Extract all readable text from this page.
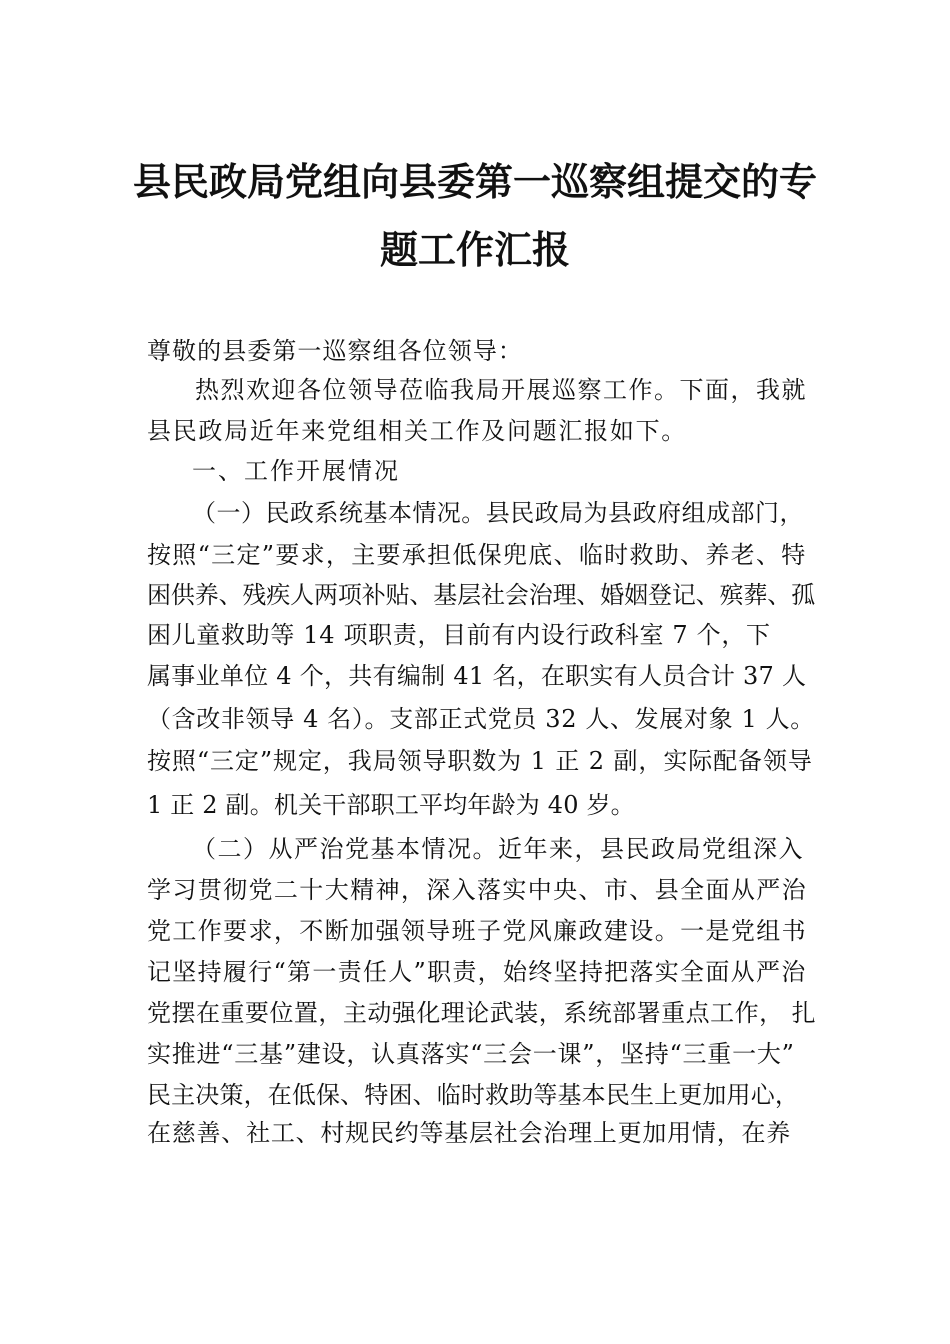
县民政局党组向县委第一巡察组提交的专
题工作汇报
尊敬的县委第一巡察组各位领导：
热烈欢迎各位领导莅临我局开展巡察工作。下面，我就
县民政局近年来党组相关工作及问题汇报如下。
一、工作开展情况
（一）民政系统基本情况。县民政局为县政府组成部门，
按照“三定”要求，主要承担低保兜底、临时救助、养老、特
困供养、残疾人两项补贴、基层社会治理、婚姻登记、殡葬、孤
困儿童救助等 14 项职责，目前有内设行政科室 7 个，下
属事业单位 4 个，共有编制 41 名，在职实有人员合计 37 人
（含改非领导 4 名）。支部正式党员 32 人、发展对象 1 人。
按照“三定”规定，我局领导职数为 1 正 2 副，实际配备领导
1 正 2 副。机关干部职工平均年龄为 40 岁。
（二）从严治党基本情况。近年来，县民政局党组深入
学习贯彻党二十大精神，深入落实中央、市、县全面从严治
党工作要求，不断加强领导班子党风廉政建设。一是党组书
记坚持履行“第一责任人”职责，始终坚持把落实全面从严治
党摆在重要位置，主动强化理论武装，系统部署重点工作， 扎
实推进“三基”建设，认真落实“三会一课”，坚持“三重一大”
民主决策，在低保、特困、临时救助等基本民生上更加用心，
在慈善、社工、村规民约等基层社会治理上更加用情，在养
